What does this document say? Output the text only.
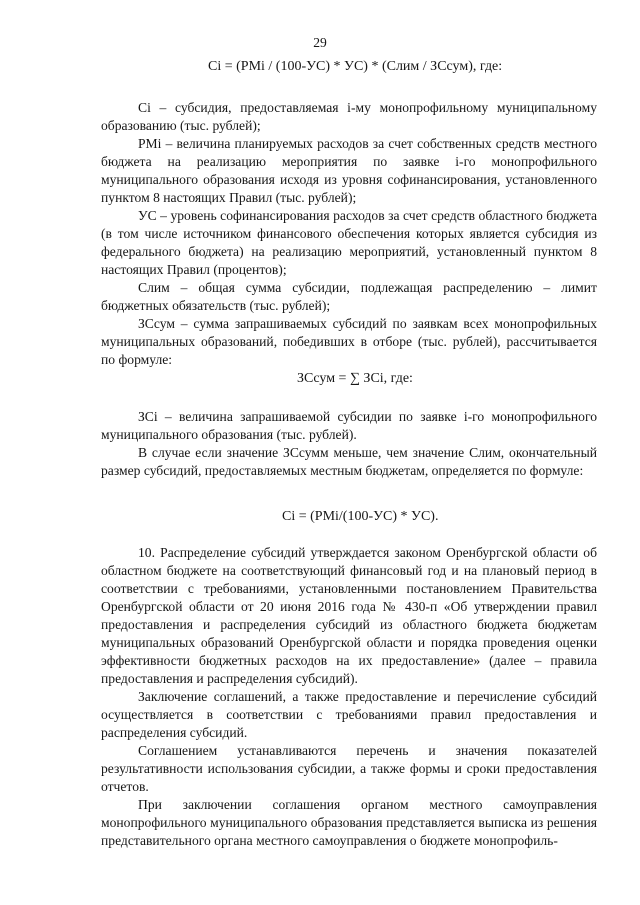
29
Ci = (PMi / (100-УС) * УС) * (Слим / ЗCсум), где:

Ci – субсидия, предоставляемая i-му монопрофильному муниципальному образованию (тыс. рублей);

PMi – величина планируемых расходов за счет собственных средств местного бюджета на реализацию мероприятия по заявке i-го монопрофильного муниципального образования исходя из уровня софинансирования, установленного пунктом 8 настоящих Правил (тыс. рублей);

УС – уровень софинансирования расходов за счет средств областного бюджета (в том числе источником финансового обеспечения которых является субсидия из федерального бюджета) на реализацию мероприятий, установленный пунктом 8 настоящих Правил (процентов);

Слим – общая сумма субсидии, подлежащая распределению – лимит бюджетных обязательств (тыс. рублей);

ЗCсум – сумма запрашиваемых субсидий по заявкам всех монопрофильных муниципальных образований, победивших в отборе (тыс. рублей), рассчитывается по формуле:

ЗCсум = ∑ ЗCi, где:

ЗCi – величина запрашиваемой субсидии по заявке i-го монопрофильного муниципального образования (тыс. рублей).

В случае если значение ЗCсумм меньше, чем значение Слим, окончательный размер субсидий, предоставляемых местным бюджетам, определяется по формуле:

Ci = (PMi/(100-УС) * УС).

10. Распределение субсидий утверждается законом Оренбургской области об областном бюджете на соответствующий финансовый год и на плановый период в соответствии с требованиями, установленными постановлением Правительства Оренбургской области от 20 июня 2016 года № 430-п «Об утверждении правил предоставления и распределения субсидий из областного бюджета бюджетам муниципальных образований Оренбургской области и порядка проведения оценки эффективности бюджетных расходов на их предоставление» (далее – правила предоставления и распределения субсидий).

Заключение соглашений, а также предоставление и перечисление субсидий осуществляется в соответствии с требованиями правил предоставления и распределения субсидий.

Соглашением устанавливаются перечень и значения показателей результативности использования субсидии, а также формы и сроки предоставления отчетов.

При заключении соглашения органом местного самоуправления монопрофильного муниципального образования представляется выписка из решения представительного органа местного самоуправления о бюджете монопрофиль-
